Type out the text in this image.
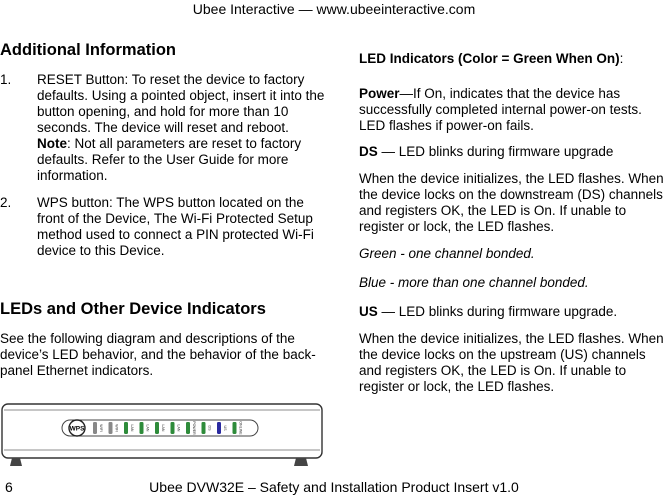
Ubee Interactive — www.ubeeinteractive.com
Additional Information
1. RESET Button: To reset the device to factory defaults. Using a pointed object, insert it into the button opening, and hold for more than 10 seconds. The device will reset and reboot. Note: Not all parameters are reset to factory defaults. Refer to the User Guide for more information.

2. WPS button: The WPS button located on the front of the Device, The Wi-Fi Protected Setup method used to connect a PIN protected Wi-Fi device to this Device.

LEDs and Other Device Indicators

See the following diagram and descriptions of the device’s LED behavior, and the behavior of the back-panel Ethernet indicators.

WPS	WIFI	WIFI	LAN	LAN	LAN	LAN	POWER	DS	US	ONLINE

LED Indicators (Color = Green When On):

Power—If On, indicates that the device has successfully completed internal power-on tests. LED flashes if power-on fails.

DS — LED blinks during firmware upgrade

When the device initializes, the LED flashes. When the device locks on the downstream (DS) channels and registers OK, the LED is On. If unable to register or lock, the LED flashes.

Green - one channel bonded.

Blue - more than one channel bonded.

US — LED blinks during firmware upgrade.

When the device initializes, the LED flashes. When the device locks on the upstream (US) channels and registers OK, the LED is On. If unable to register or lock, the LED flashes.

6	Ubee DVW32E – Safety and Installation Product Insert v1.0
